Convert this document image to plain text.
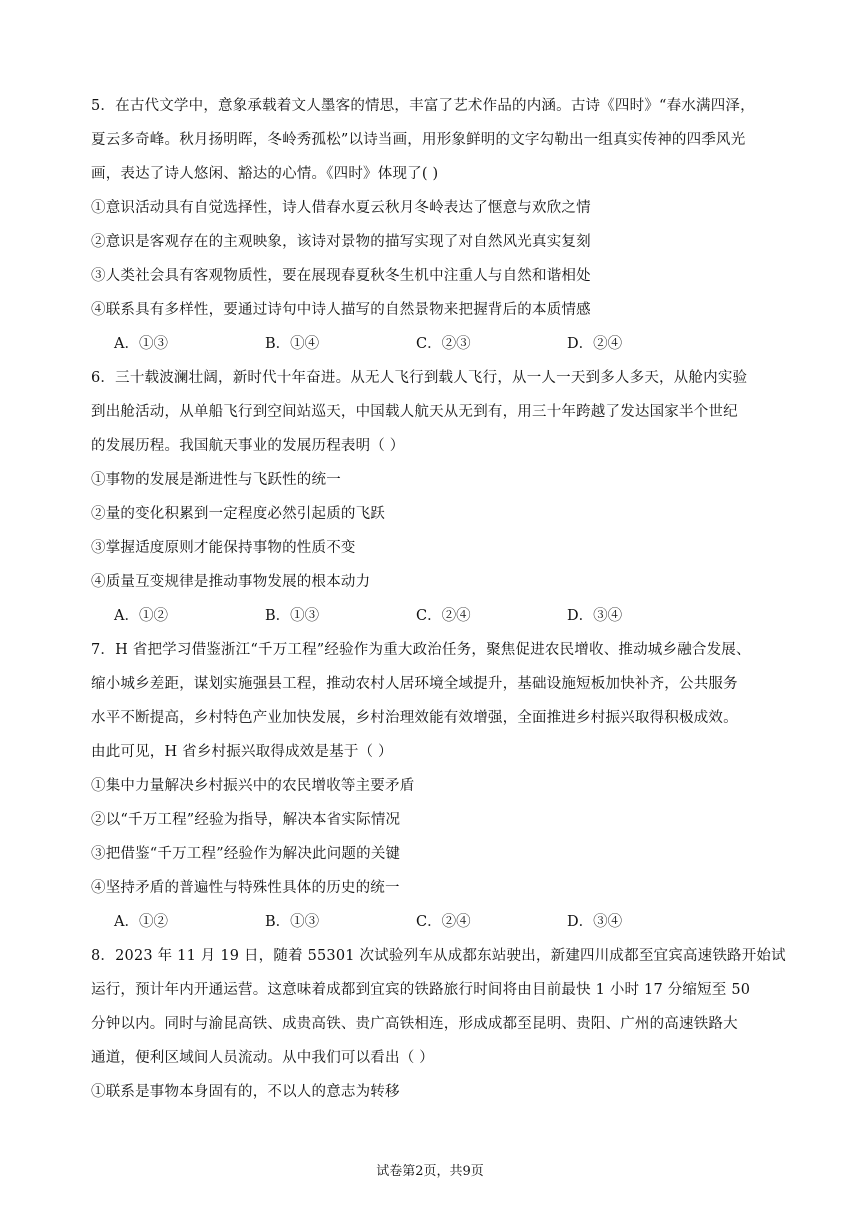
5．在古代文学中，意象承载着文人墨客的情思，丰富了艺术作品的内涵。古诗《四时》“春水满四泽，
夏云多奇峰。秋月扬明晖，冬岭秀孤松”以诗当画，用形象鲜明的文字勾勒出一组真实传神的四季风光
画，表达了诗人悠闲、豁达的心情。《四时》体现了( )
①意识活动具有自觉选择性，诗人借春水夏云秋月冬岭表达了惬意与欢欣之情
②意识是客观存在的主观映象，该诗对景物的描写实现了对自然风光真实复刻
③人类社会具有客观物质性，要在展现春夏秋冬生机中注重人与自然和谐相处
④联系具有多样性，要通过诗句中诗人描写的自然景物来把握背后的本质情感
A．①③	B．①④	C．②③	D．②④
6．三十载波澜壮阔，新时代十年奋进。从无人飞行到载人飞行，从一人一天到多人多天，从舱内实验
到出舱活动，从单船飞行到空间站巡天，中国载人航天从无到有，用三十年跨越了发达国家半个世纪
的发展历程。我国航天事业的发展历程表明（ ）
①事物的发展是渐进性与飞跃性的统一
②量的变化积累到一定程度必然引起质的飞跃
③掌握适度原则才能保持事物的性质不变
④质量互变规律是推动事物发展的根本动力
A．①②	B．①③	C．②④	D．③④
7．H 省把学习借鉴浙江“千万工程”经验作为重大政治任务，聚焦促进农民增收、推动城乡融合发展、
缩小城乡差距，谋划实施强县工程，推动农村人居环境全域提升，基础设施短板加快补齐，公共服务
水平不断提高，乡村特色产业加快发展，乡村治理效能有效增强，全面推进乡村振兴取得积极成效。
由此可见，H 省乡村振兴取得成效是基于（ ）
①集中力量解决乡村振兴中的农民增收等主要矛盾
②以“千万工程”经验为指导，解决本省实际情况
③把借鉴“千万工程”经验作为解决此问题的关键
④坚持矛盾的普遍性与特殊性具体的历史的统一
A．①②	B．①③	C．②④	D．③④
8．2023 年 11 月 19 日，随着 55301 次试验列车从成都东站驶出，新建四川成都至宜宾高速铁路开始试
运行，预计年内开通运营。这意味着成都到宜宾的铁路旅行时间将由目前最快 1 小时 17 分缩短至 50
分钟以内。同时与渝昆高铁、成贵高铁、贵广高铁相连，形成成都至昆明、贵阳、广州的高速铁路大
通道，便利区域间人员流动。从中我们可以看出（ ）
①联系是事物本身固有的，不以人的意志为转移
试卷第2页，共9页
